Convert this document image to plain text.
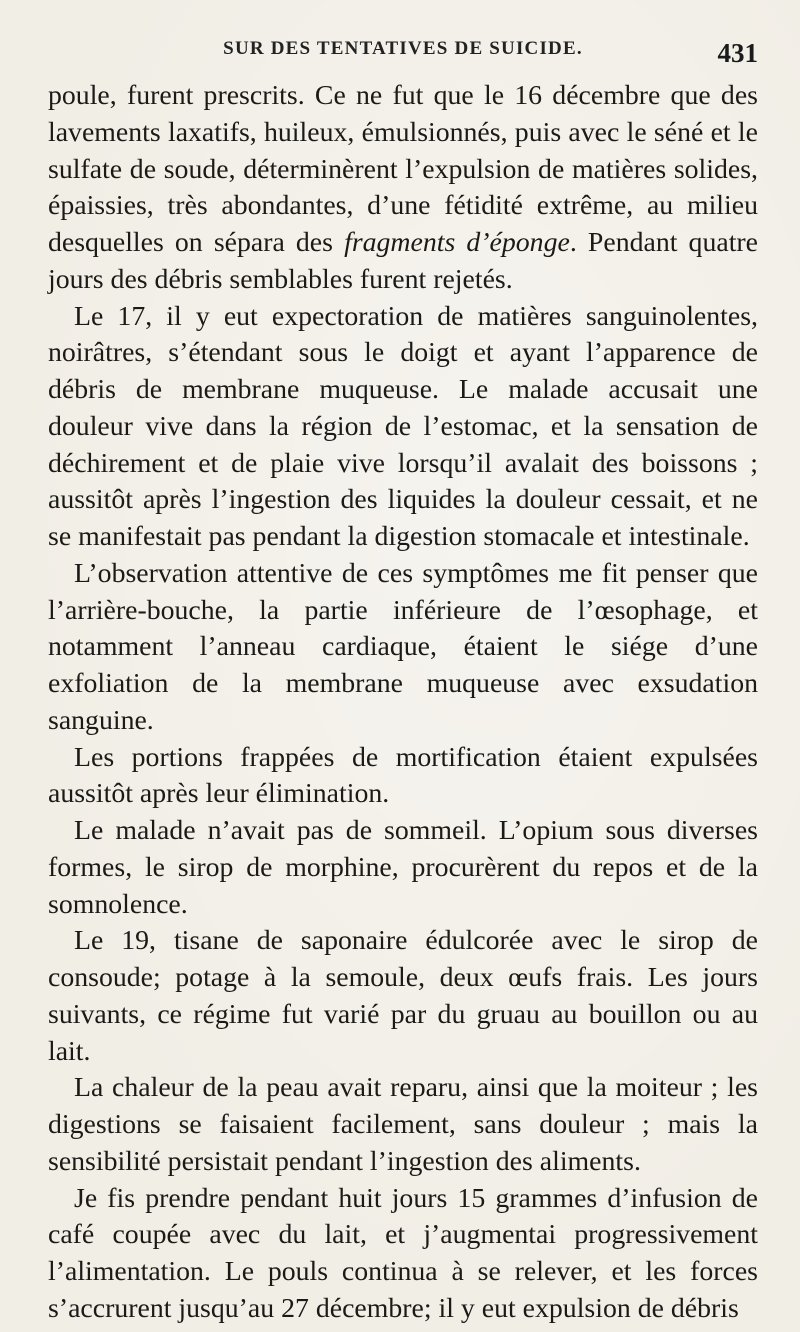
SUR DES TENTATIVES DE SUICIDE.	431

poule, furent prescrits. Ce ne fut que le 16 décembre que des lavements laxatifs, huileux, émulsionnés, puis avec le séné et le sulfate de soude, déterminèrent l’expulsion de matières solides, épaissies, très abondantes, d’une fétidité extrême, au milieu desquelles on sépara des fragments d’éponge. Pendant quatre jours des débris semblables furent rejetés.

Le 17, il y eut expectoration de matières sanguinolentes, noirâtres, s’étendant sous le doigt et ayant l’apparence de débris de membrane muqueuse. Le malade accusait une douleur vive dans la région de l’estomac, et la sensation de déchirement et de plaie vive lorsqu’il avalait des boissons ; aussitôt après l’ingestion des liquides la douleur cessait, et ne se manifestait pas pendant la digestion stomacale et intestinale.

L’observation attentive de ces symptômes me fit penser que l’arrière-bouche, la partie inférieure de l’œsophage, et notamment l’anneau cardiaque, étaient le siége d’une exfoliation de la membrane muqueuse avec exsudation sanguine.

Les portions frappées de mortification étaient expulsées aussitôt après leur élimination.

Le malade n’avait pas de sommeil. L’opium sous diverses formes, le sirop de morphine, procurèrent du repos et de la somnolence.

Le 19, tisane de saponaire édulcorée avec le sirop de consoude; potage à la semoule, deux œufs frais. Les jours suivants, ce régime fut varié par du gruau au bouillon ou au lait.

La chaleur de la peau avait reparu, ainsi que la moiteur ; les digestions se faisaient facilement, sans douleur ; mais la sensibilité persistait pendant l’ingestion des aliments.

Je fis prendre pendant huit jours 15 grammes d’infusion de café coupée avec du lait, et j’augmentai progressivement l’alimentation. Le pouls continua à se relever, et les forces s’accrurent jusqu’au 27 décembre; il y eut expulsion de débris
